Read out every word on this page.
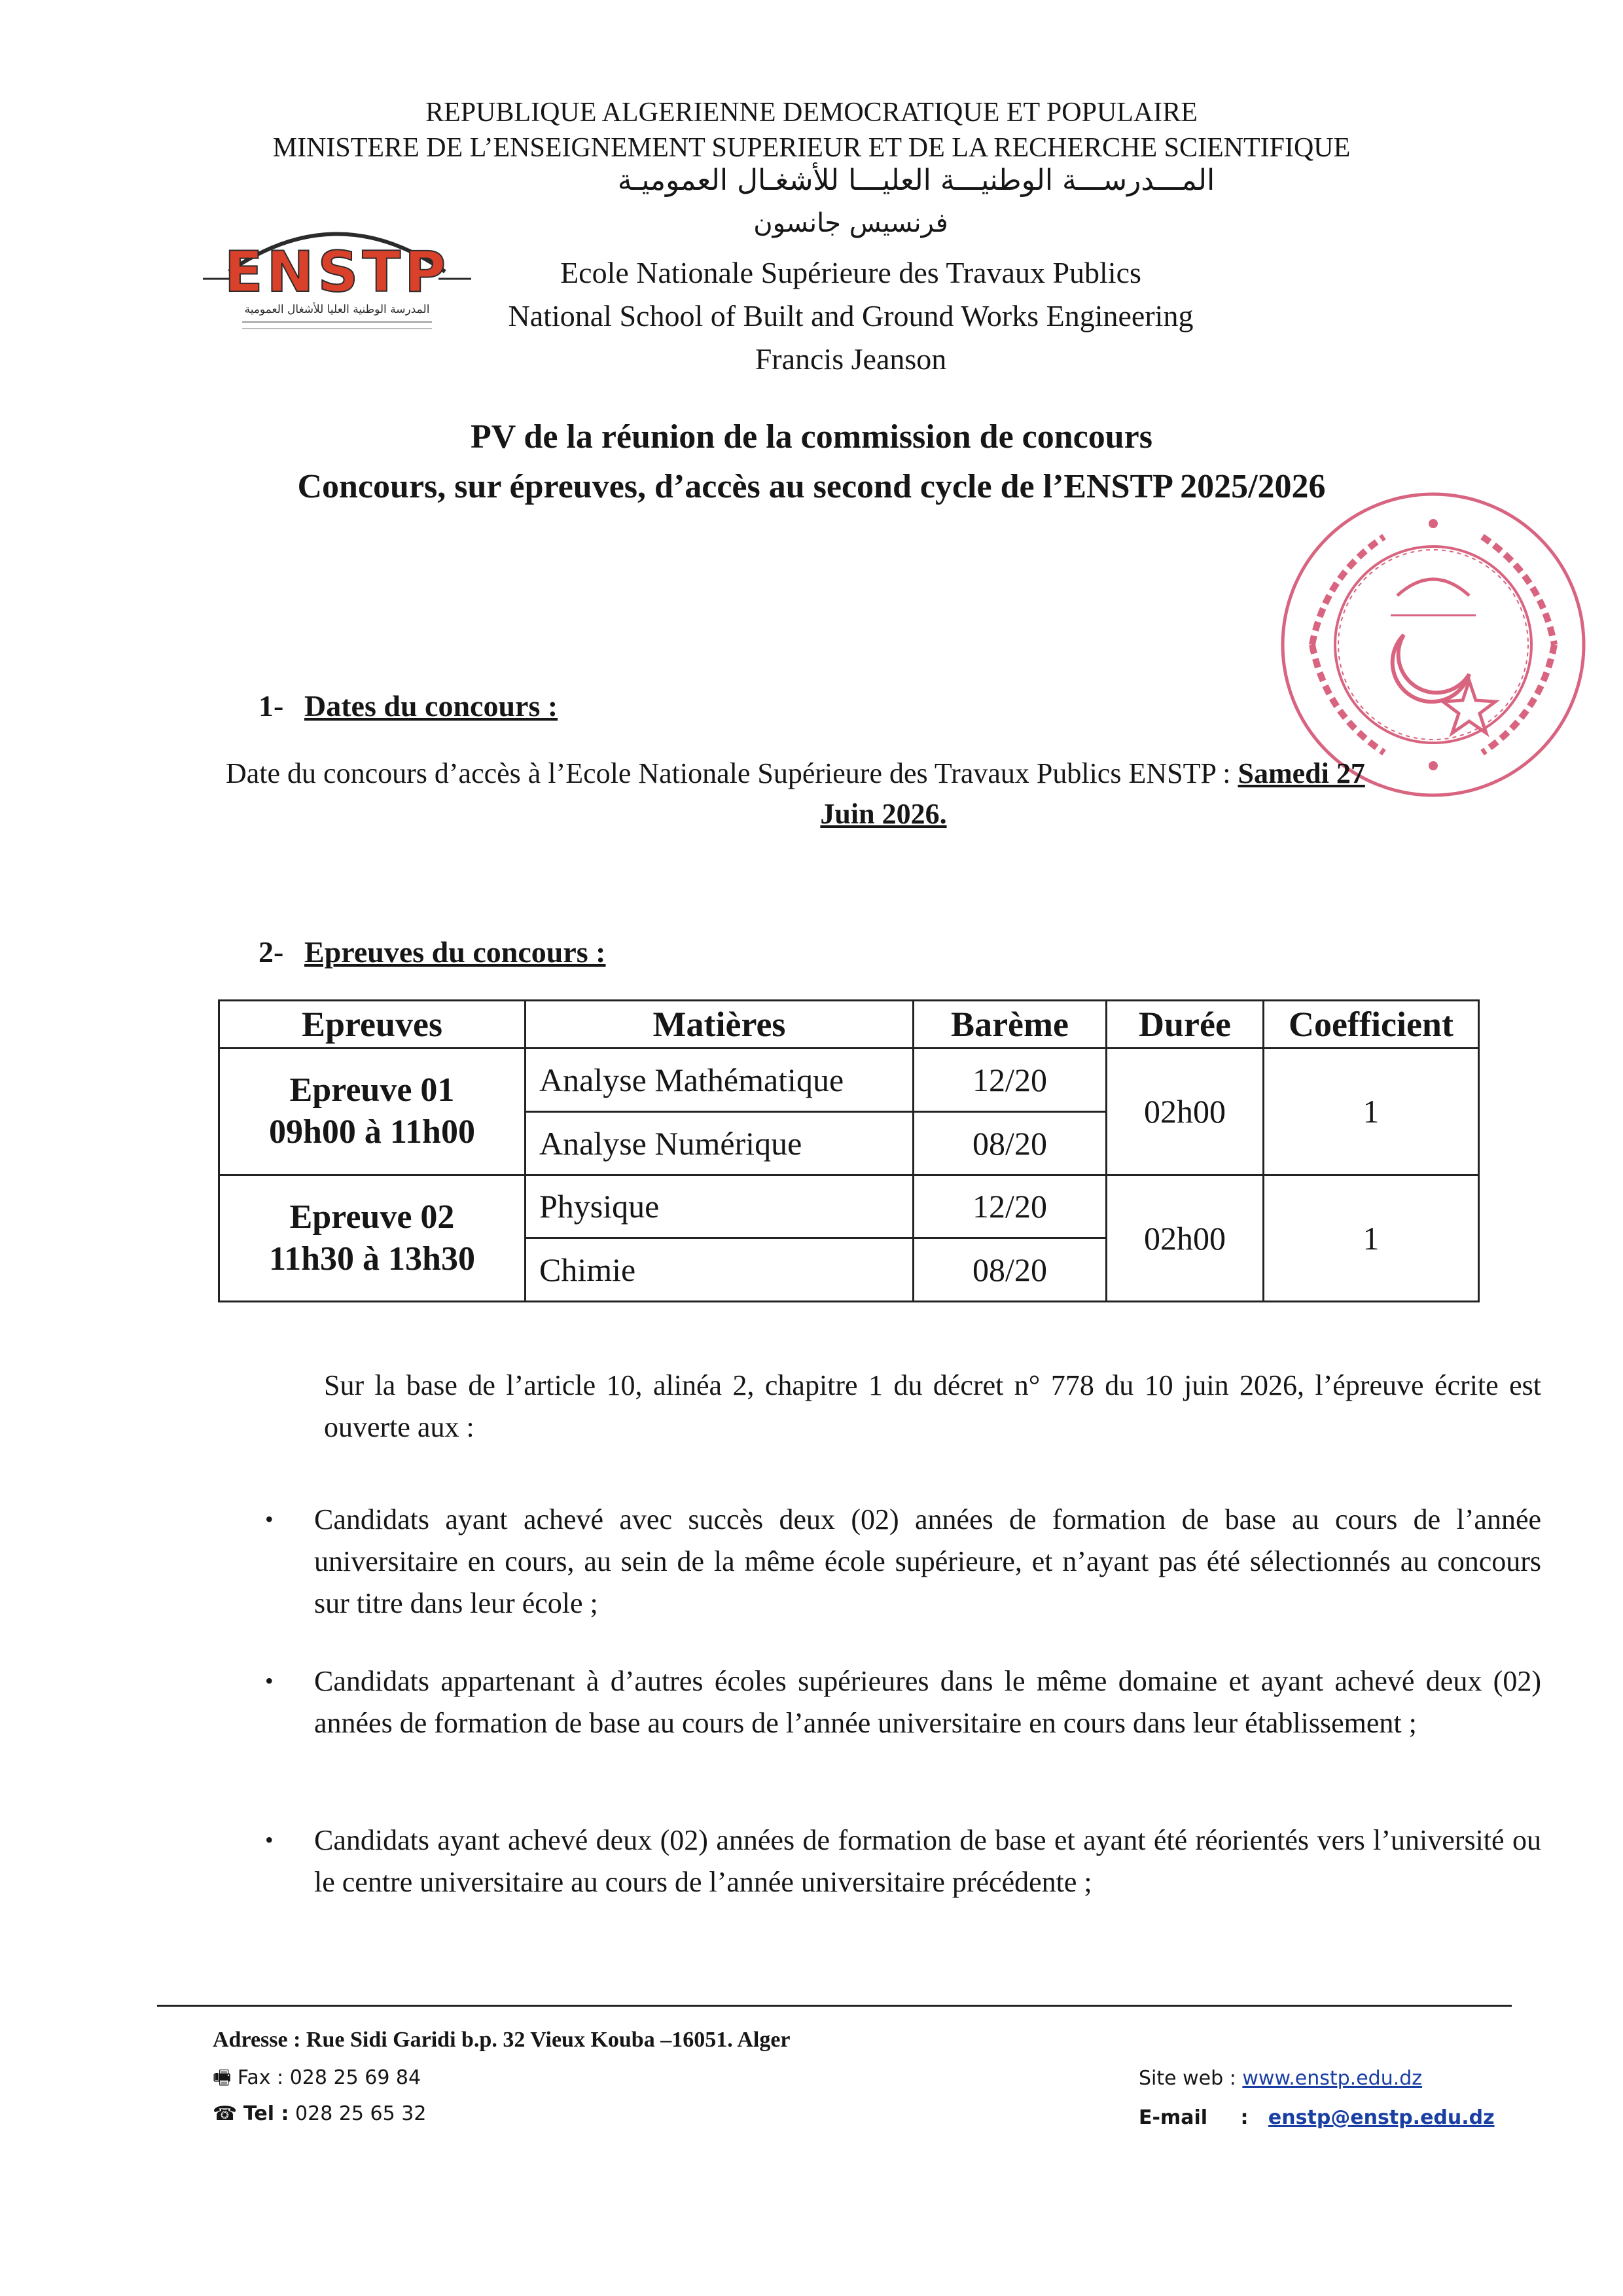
REPUBLIQUE ALGERIENNE DEMOCRATIQUE ET POPULAIRE
MINISTERE DE L’ENSEIGNEMENT SUPERIEUR ET DE LA RECHERCHE SCIENTIFIQUE
المـــدرســـة الوطنيـــة العليـــا للأشغـال العموميـة
فرنسيس جانسون
Ecole Nationale Supérieure des Travaux Publics
National School of Built and Ground Works Engineering
Francis Jeanson
ENSTP
المدرسة الوطنية العليا للأشغال العمومية
PV de la réunion de la commission de concours
Concours, sur épreuves, d’accès au second cycle de l’ENSTP 2025/2026
1- Dates du concours :
Date du concours d’accès à l’Ecole Nationale Supérieure des Travaux Publics ENSTP : Samedi 27
Juin 2026.
2- Epreuves du concours :
Epreuves	Matières	Barème	Durée	Coefficient

Epreuve 01
09h00 à 11h00	Analyse Mathématique	12/20	02h00	1
	Analyse Numérique	08/20		

Epreuve 02
11h30 à 13h30	Physique	12/20	02h00	1
	Chimie	08/20		
Sur la base de l’article 10, alinéa 2, chapitre 1 du décret n° 778 du 10 juin 2026, l’épreuve écrite est ouverte aux :
• Candidats ayant achevé avec succès deux (02) années de formation de base au cours de l’année universitaire en cours, au sein de la même école supérieure, et n’ayant pas été sélectionnés au concours sur titre dans leur école ;
• Candidats appartenant à d’autres écoles supérieures dans le même domaine et ayant achevé deux (02) années de formation de base au cours de l’année universitaire en cours dans leur établissement ;
• Candidats ayant achevé deux (02) années de formation de base et ayant été réorientés vers l’université ou le centre universitaire au cours de l’année universitaire précédente ;
Adresse : Rue Sidi Garidi b.p. 32 Vieux Kouba –16051. Alger
🖷 Fax : 028 25 69 84
☎ Tel : 028 25 65 32
Site web : www.enstp.edu.dz
E-mail : enstp@enstp.edu.dz
